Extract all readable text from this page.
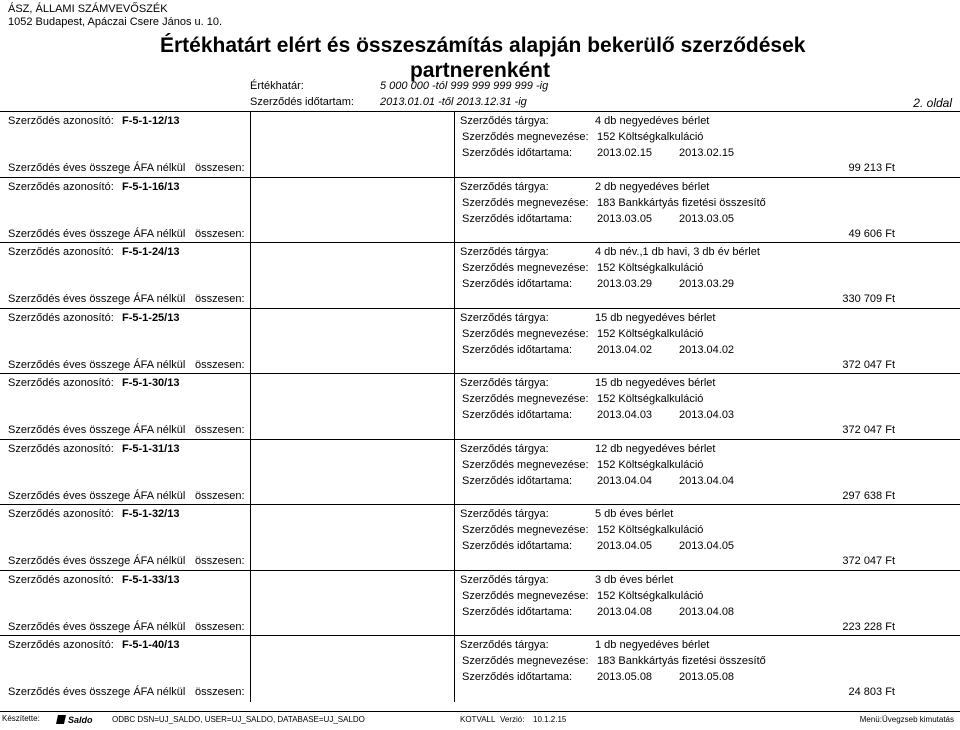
ÁSZ, ÁLLAMI SZÁMVEVŐSZÉK
1052 Budapest, Apáczai Csere János u. 10.
Értékhatárt elért és összeszámítás alapján bekerülő szerződések
partnerenként
Értékhatár:	5 000 000 -tól 999 999 999 999 -ig
Szerződés időtartam: 2013.01.01 -től 2013.12.31 -ig	2. oldal
Szerződés azonosító: F-5-1-12/13
Szerződés éves összege ÁFA nélkül összesen:	99 213 Ft
Szerződés tárgya:	4 db negyedéves bérlet
Szerződés megnevezése: 152 Költségkalkuláció
Szerződés időtartama: 2013.02.15 2013.02.15
Szerződés azonosító: F-5-1-16/13
Szerződés éves összege ÁFA nélkül összesen:	49 606 Ft
Szerződés tárgya:	2 db negyedéves bérlet
Szerződés megnevezése: 183 Bankkártyás fizetési összesítő
Szerződés időtartama: 2013.03.05 2013.03.05
Szerződés azonosító: F-5-1-24/13
Szerződés éves összege ÁFA nélkül összesen:	330 709 Ft
Szerződés tárgya:	4 db név.,1 db havi, 3 db év bérlet
Szerződés megnevezése: 152 Költségkalkuláció
Szerződés időtartama: 2013.03.29 2013.03.29
Szerződés azonosító: F-5-1-25/13
Szerződés éves összege ÁFA nélkül összesen:	372 047 Ft
Szerződés tárgya:	15 db negyedéves bérlet
Szerződés megnevezése: 152 Költségkalkuláció
Szerződés időtartama: 2013.04.02 2013.04.02
Szerződés azonosító: F-5-1-30/13
Szerződés éves összege ÁFA nélkül összesen:	372 047 Ft
Szerződés tárgya:	15 db negyedéves bérlet
Szerződés megnevezése: 152 Költségkalkuláció
Szerződés időtartama: 2013.04.03 2013.04.03
Szerződés azonosító: F-5-1-31/13
Szerződés éves összege ÁFA nélkül összesen:	297 638 Ft
Szerződés tárgya:	12 db negyedéves bérlet
Szerződés megnevezése: 152 Költségkalkuláció
Szerződés időtartama: 2013.04.04 2013.04.04
Szerződés azonosító: F-5-1-32/13
Szerződés éves összege ÁFA nélkül összesen:	372 047 Ft
Szerződés tárgya:	5 db éves bérlet
Szerződés megnevezése: 152 Költségkalkuláció
Szerződés időtartama: 2013.04.05 2013.04.05
Szerződés azonosító: F-5-1-33/13
Szerződés éves összege ÁFA nélkül összesen:	223 228 Ft
Szerződés tárgya:	3 db éves bérlet
Szerződés megnevezése: 152 Költségkalkuláció
Szerződés időtartama: 2013.04.08 2013.04.08
Szerződés azonosító: F-5-1-40/13
Szerződés éves összege ÁFA nélkül összesen:	24 803 Ft
Szerződés tárgya:	1 db negyedéves bérlet
Szerződés megnevezése: 183 Bankkártyás fizetési összesítő
Szerződés időtartama: 2013.05.08 2013.05.08
Készítette:	Saldo ODBC DSN=UJ_SALDO, USER=UJ_SALDO, DATABASE=UJ_SALDO	KOTVALL Verzió: 10.1.2.15	Menü:Üvegzseb kimutatás
